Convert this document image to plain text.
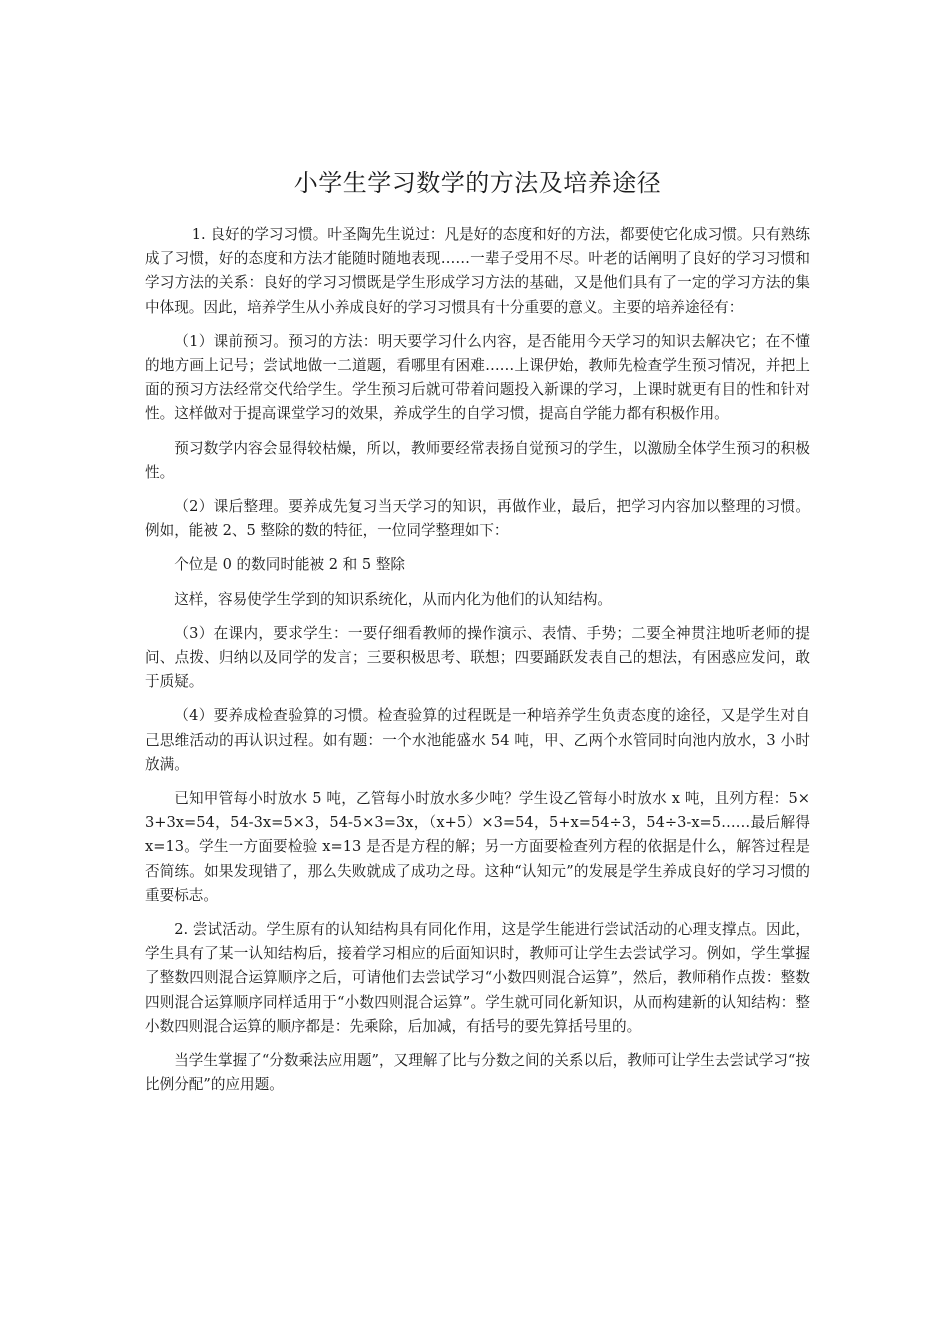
小学生学习数学的方法及培养途径

1. 良好的学习习惯。叶圣陶先生说过：凡是好的态度和好的方法，都要使它化成习惯。只有熟练成了习惯，好的态度和方法才能随时随地表现……一辈子受用不尽。叶老的话阐明了良好的学习习惯和学习方法的关系：良好的学习习惯既是学生形成学习方法的基础，又是他们具有了一定的学习方法的集中体现。因此，培养学生从小养成良好的学习习惯具有十分重要的意义。主要的培养途径有：

（1）课前预习。预习的方法：明天要学习什么内容，是否能用今天学习的知识去解决它；在不懂的地方画上记号；尝试地做一二道题，看哪里有困难……上课伊始，教师先检查学生预习情况，并把上面的预习方法经常交代给学生。学生预习后就可带着问题投入新课的学习，上课时就更有目的性和针对性。这样做对于提高课堂学习的效果，养成学生的自学习惯，提高自学能力都有积极作用。

预习数学内容会显得较枯燥，所以，教师要经常表扬自觉预习的学生，以激励全体学生预习的积极性。

（2）课后整理。要养成先复习当天学习的知识，再做作业，最后，把学习内容加以整理的习惯。例如，能被 2、5 整除的数的特征，一位同学整理如下：

个位是 0 的数同时能被 2 和 5 整除

这样，容易使学生学到的知识系统化，从而内化为他们的认知结构。

（3）在课内，要求学生：一要仔细看教师的操作演示、表情、手势；二要全神贯注地听老师的提问、点拨、归纳以及同学的发言；三要积极思考、联想；四要踊跃发表自己的想法，有困惑应发问，敢于质疑。

（4）要养成检查验算的习惯。检查验算的过程既是一种培养学生负责态度的途径，又是学生对自己思维活动的再认识过程。如有题：一个水池能盛水 54 吨，甲、乙两个水管同时向池内放水，3 小时放满。

已知甲管每小时放水 5 吨，乙管每小时放水多少吨？学生设乙管每小时放水 x 吨，且列方程：5×3+3x=54，54-3x=5×3，54-5×3=3x，（x+5）×3=54，5+x=54÷3，54÷3-x=5……最后解得 x=13。学生一方面要检验 x=13 是否是方程的解；另一方面要检查列方程的依据是什么，解答过程是否简练。如果发现错了，那么失败就成了成功之母。这种“认知元”的发展是学生养成良好的学习习惯的重要标志。

2. 尝试活动。学生原有的认知结构具有同化作用，这是学生能进行尝试活动的心理支撑点。因此，学生具有了某一认知结构后，接着学习相应的后面知识时，教师可让学生去尝试学习。例如，学生掌握了整数四则混合运算顺序之后，可请他们去尝试学习“小数四则混合运算”，然后，教师稍作点拨：整数四则混合运算顺序同样适用于“小数四则混合运算”。学生就可同化新知识，从而构建新的认知结构：整小数四则混合运算的顺序都是：先乘除，后加减，有括号的要先算括号里的。

当学生掌握了“分数乘法应用题”，又理解了比与分数之间的关系以后，教师可让学生去尝试学习“按比例分配”的应用题。
